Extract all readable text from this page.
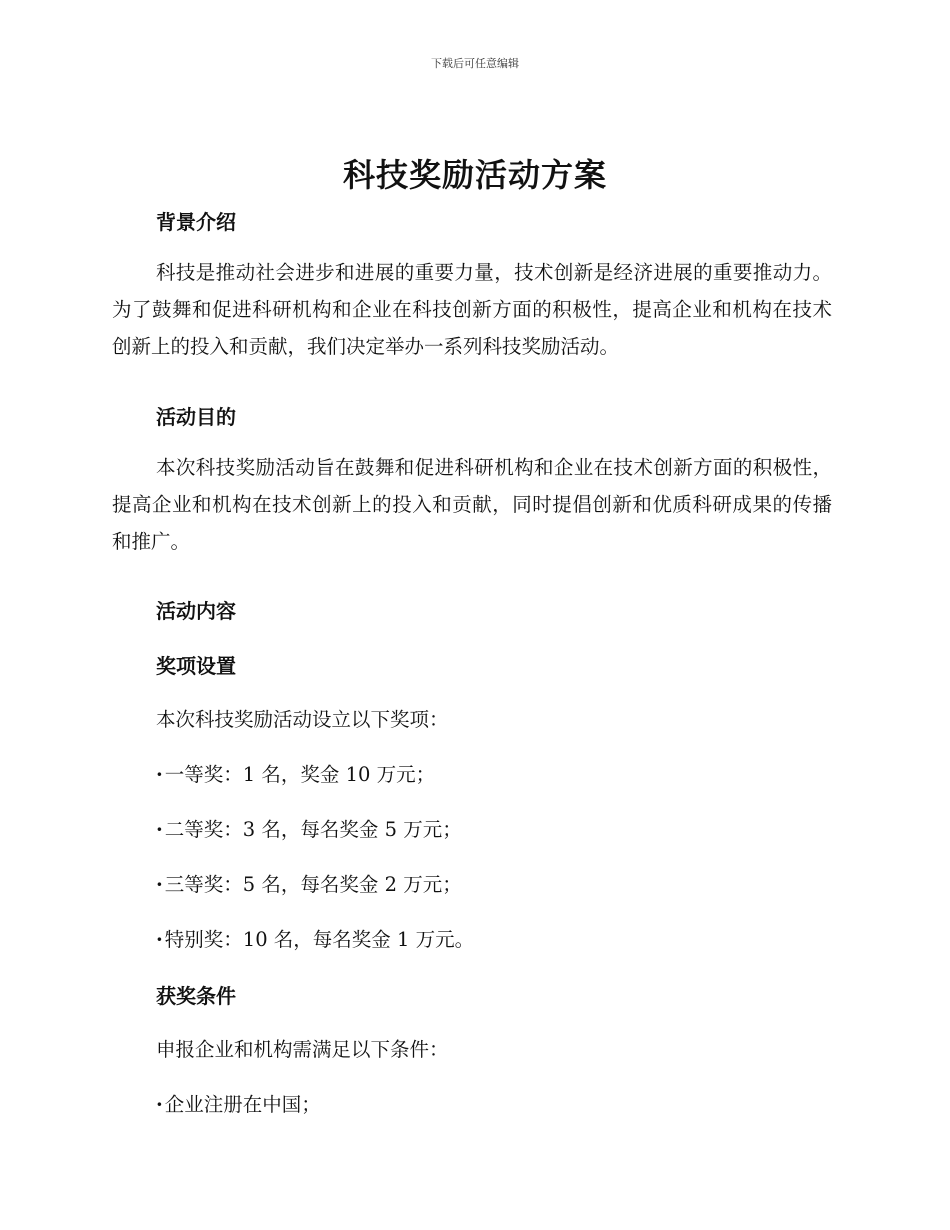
下载后可任意编辑
科技奖励活动方案
背景介绍

科技是推动社会进步和进展的重要力量，技术创新是经济进展的重要推动力。为了鼓舞和促进科研机构和企业在科技创新方面的积极性，提高企业和机构在技术创新上的投入和贡献，我们决定举办一系列科技奖励活动。

活动目的

本次科技奖励活动旨在鼓舞和促进科研机构和企业在技术创新方面的积极性，提高企业和机构在技术创新上的投入和贡献，同时提倡创新和优质科研成果的传播和推广。

活动内容
奖项设置

本次科技奖励活动设立以下奖项：

· 一等奖：1 名，奖金 10 万元；

· 二等奖：3 名，每名奖金 5 万元；

· 三等奖：5 名，每名奖金 2 万元；

· 特别奖：10 名，每名奖金 1 万元。

获奖条件

申报企业和机构需满足以下条件：

· 企业注册在中国；
